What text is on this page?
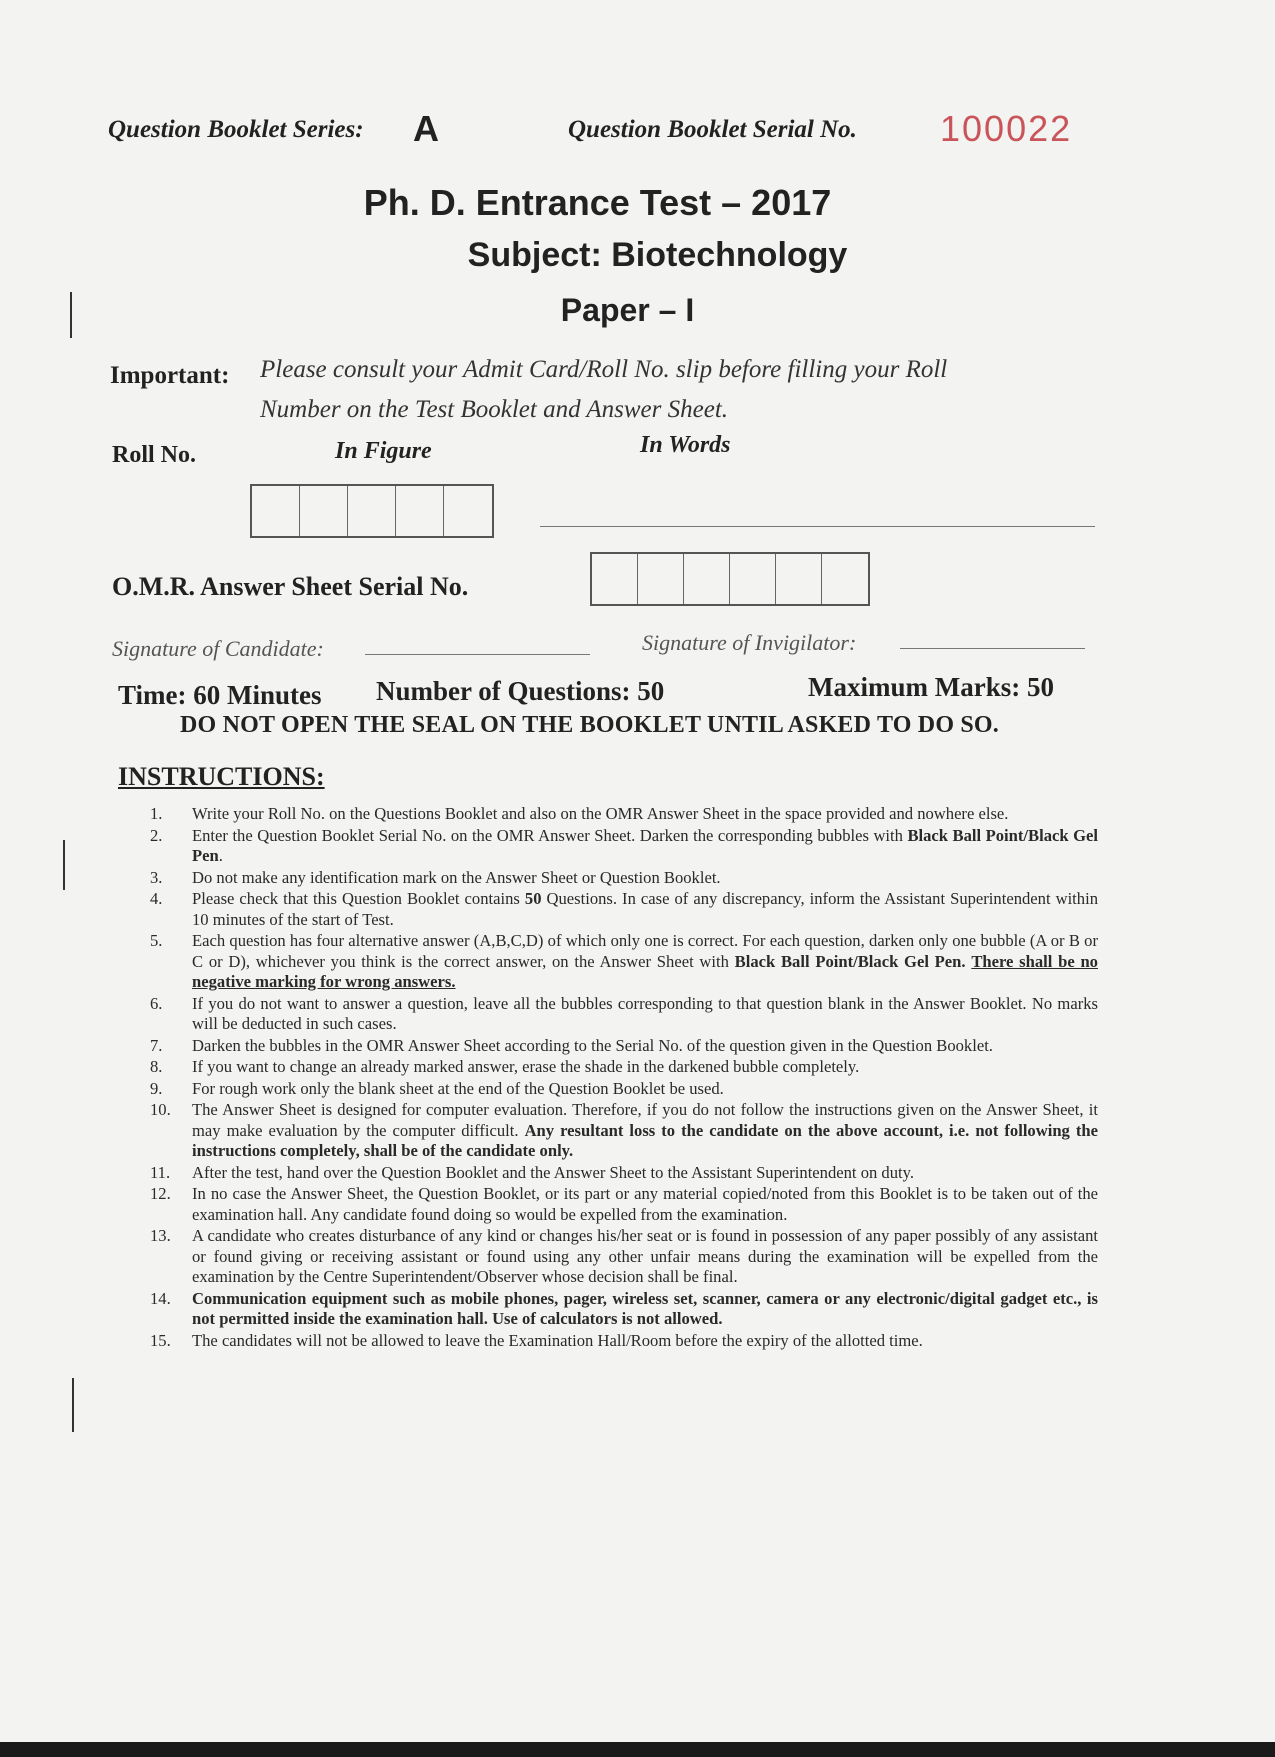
Question Booklet Series: A	Question Booklet Serial No. 100022
Ph. D. Entrance Test – 2017
Subject: Biotechnology
Paper – I
Important: Please consult your Admit Card/Roll No. slip before filling your Roll
Number on the Test Booklet and Answer Sheet.
Roll No.	In Figure	In Words
O.M.R. Answer Sheet Serial No.
Signature of Candidate:	Signature of Invigilator:
Time: 60 Minutes Number of Questions: 50	Maximum Marks: 50
DO NOT OPEN THE SEAL ON THE BOOKLET UNTIL ASKED TO DO SO.
INSTRUCTIONS:
1.	Write your Roll No. on the Questions Booklet and also on the OMR Answer Sheet in the space provided and nowhere else.
2.	Enter the Question Booklet Serial No. on the OMR Answer Sheet. Darken the corresponding bubbles with Black Ball Point/Black Gel Pen.
3.	Do not make any identification mark on the Answer Sheet or Question Booklet.
4.	Please check that this Question Booklet contains 50 Questions. In case of any discrepancy, inform the Assistant Superintendent within 10 minutes of the start of Test.
5.	Each question has four alternative answer (A,B,C,D) of which only one is correct. For each question, darken only one bubble (A or B or C or D), whichever you think is the correct answer, on the Answer Sheet with Black Ball Point/Black Gel Pen. There shall be no negative marking for wrong answers.
6.	If you do not want to answer a question, leave all the bubbles corresponding to that question blank in the Answer Booklet. No marks will be deducted in such cases.
7.	Darken the bubbles in the OMR Answer Sheet according to the Serial No. of the question given in the Question Booklet.
8.	If you want to change an already marked answer, erase the shade in the darkened bubble completely.
9.	For rough work only the blank sheet at the end of the Question Booklet be used.
10.	The Answer Sheet is designed for computer evaluation. Therefore, if you do not follow the instructions given on the Answer Sheet, it may make evaluation by the computer difficult. Any resultant loss to the candidate on the above account, i.e. not following the instructions completely, shall be of the candidate only.
11.	After the test, hand over the Question Booklet and the Answer Sheet to the Assistant Superintendent on duty.
12.	In no case the Answer Sheet, the Question Booklet, or its part or any material copied/noted from this Booklet is to be taken out of the examination hall. Any candidate found doing so would be expelled from the examination.
13.	A candidate who creates disturbance of any kind or changes his/her seat or is found in possession of any paper possibly of any assistant or found giving or receiving assistant or found using any other unfair means during the examination will be expelled from the examination by the Centre Superintendent/Observer whose decision shall be final.
14.	Communication equipment such as mobile phones, pager, wireless set, scanner, camera or any electronic/digital gadget etc., is not permitted inside the examination hall. Use of calculators is not allowed.
15.	The candidates will not be allowed to leave the Examination Hall/Room before the expiry of the allotted time.
